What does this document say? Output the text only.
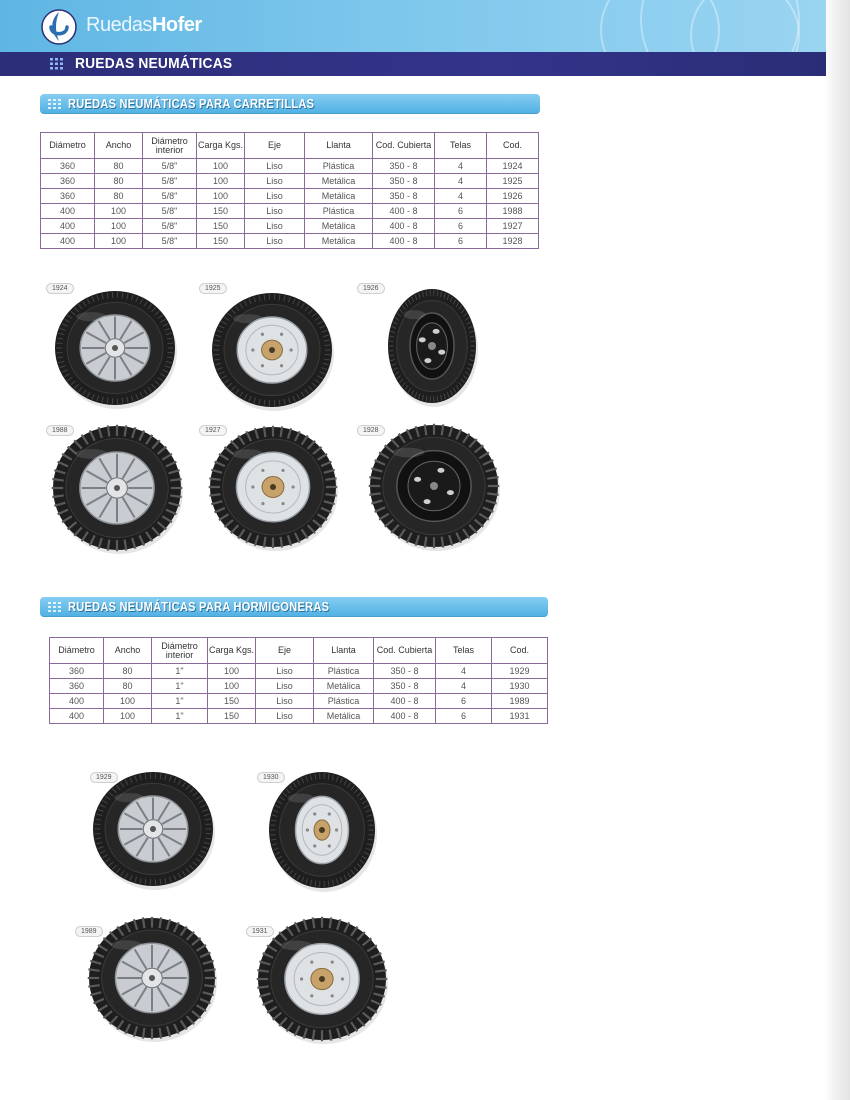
RuedasHofer
RUEDAS NEUMÁTICAS
RUEDAS NEUMÁTICAS PARA CARRETILLAS
Diámetro	Ancho	Diámetro interior	Carga Kgs.	Eje	Llanta	Cod. Cubierta	Telas	Cod.
360	80	5/8"	100	Liso	Plástica	350 - 8	4	1924
360	80	5/8"	100	Liso	Metálica	350 - 8	4	1925
360	80	5/8"	100	Liso	Metálica	350 - 8	4	1926
400	100	5/8"	150	Liso	Plástica	400 - 8	6	1988
400	100	5/8"	150	Liso	Metálica	400 - 8	6	1927
400	100	5/8"	150	Liso	Metálica	400 - 8	6	1928
RUEDAS NEUMÁTICAS PARA HORMIGONERAS
Diámetro	Ancho	Diámetro interior	Carga Kgs.	Eje	Llanta	Cod. Cubierta	Telas	Cod.
360	80	1"	100	Liso	Plástica	350 - 8	4	1929
360	80	1"	100	Liso	Metálica	350 - 8	4	1930
400	100	1"	150	Liso	Plástica	400 - 8	6	1989
400	100	1"	150	Liso	Metálica	400 - 8	6	1931
1924	1925	1926
1988	1927	1928
1929	1930
1989	1931
